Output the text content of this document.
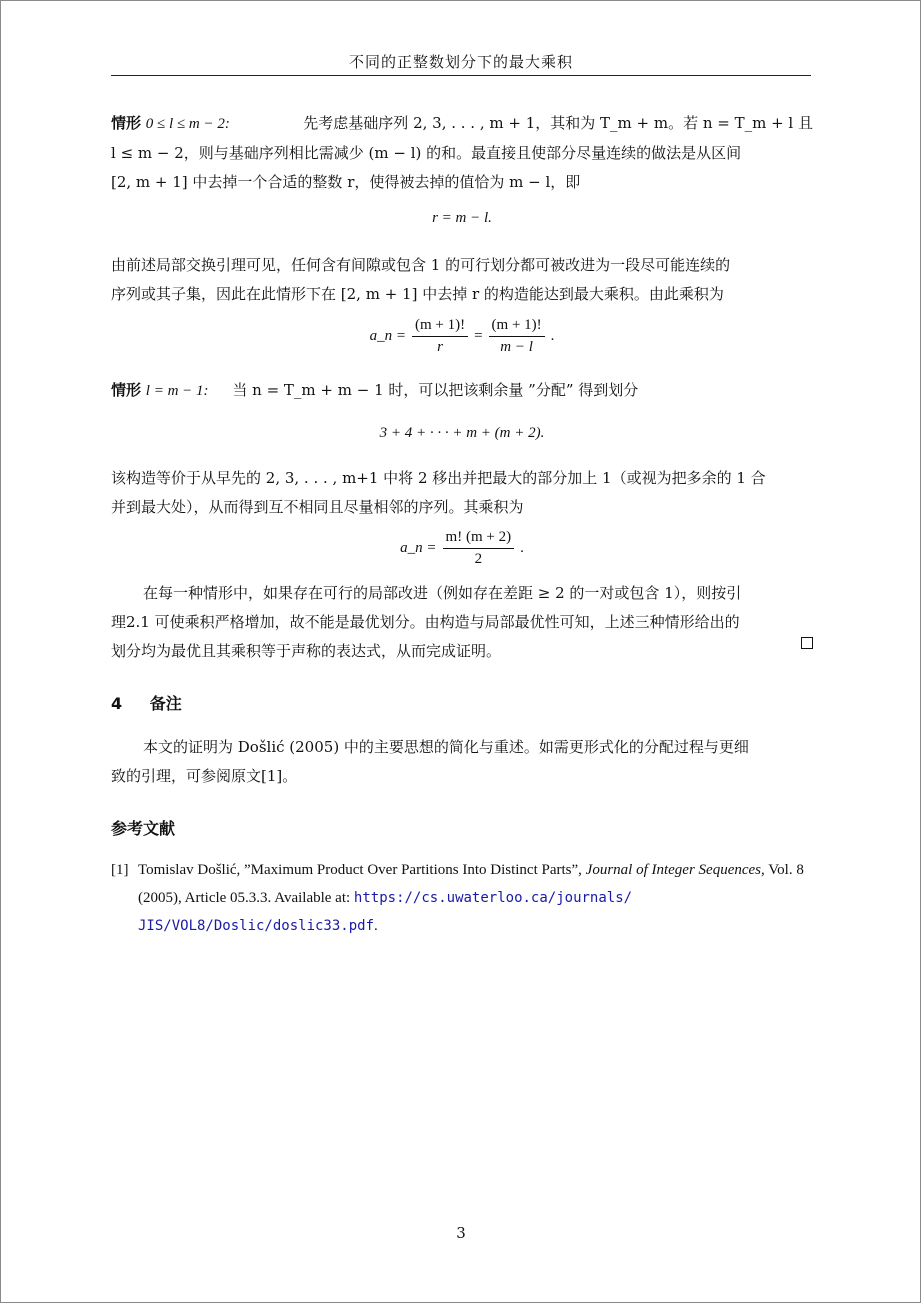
不同的正整数划分下的最大乘积
情形 0 ≤ l ≤ m − 2:	先考虑基础序列 2, 3, . . . , m + 1，其和为 T_m + m。若 n = T_m + l 且
l ≤ m − 2，则与基础序列相比需减少 (m − l) 的和。最直接且使部分尽量连续的做法是从区间
[2, m + 1] 中去掉一个合适的整数 r，使得被去掉的值恰为 m − l，即
r = m − l.
由前述局部交换引理可见，任何含有间隙或包含 1 的可行划分都可被改进为一段尽可能连续的
序列或其子集，因此在此情形下在 [2, m + 1] 中去掉 r 的构造能达到最大乘积。由此乘积为
a_n = $\frac{(m + 1)!}{r} = \frac{(m + 1)!}{m - l}$ .
情形 l = m − 1: 当 n = T_m + m − 1 时，可以把该剩余量 ”分配” 得到划分
3 + 4 + · · · + m + (m + 2).
该构造等价于从早先的 2, 3, . . . , m+1 中将 2 移出并把最大的部分加上 1（或视为把多余的 1 合
并到最大处），从而得到互不相同且尽量相邻的序列。其乘积为
a_n = $\frac{m! (m + 2)}{2}$ .
在每一种情形中，如果存在可行的局部改进（例如存在差距 ≥ 2 的一对或包含 1），则按引
理2.1 可使乘积严格增加，故不能是最优划分。由构造与局部最优性可知，上述三种情形给出的
划分均为最优且其乘积等于声称的表达式，从而完成证明。
4 备注
本文的证明为 Došlić (2005) 中的主要思想的简化与重述。如需更形式化的分配过程与更细
致的引理，可参阅原文[1]。
参考文献
[1] Tomislav Došlić, ”Maximum Product Over Partitions Into Distinct Parts”, Journal of Integer Sequences, Vol. 8 (2005), Article 05.3.3. Available at: https://cs.uwaterloo.ca/journals/
JIS/VOL8/Doslic/doslic33.pdf.
3
